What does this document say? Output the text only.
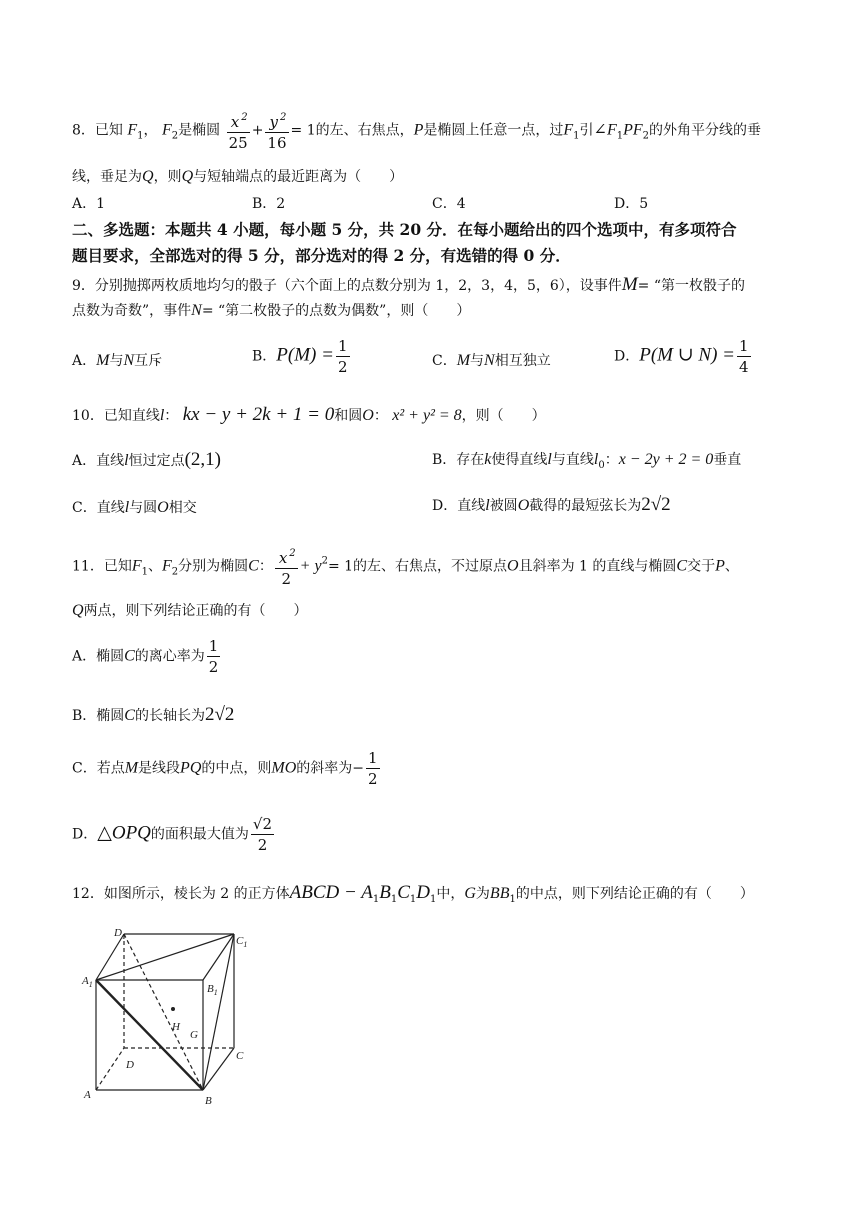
8．已知 $F_1$， $F_2$是椭圆 $\frac{x ^2}{25} + \frac{y ^2}{16} = 1$的左、右焦点，P是椭圆上任意一点，过$F_1$引$\angle F_1PF_2$的外角平分线的垂
线，垂足为Q，则Q与短轴端点的最近距离为（　　）
A．1	B．2	C．4	D．5
二、多选题：本题共 4 小题，每小题 5 分，共 20 分．在每小题给出的四个选项中，有多项符合
题目要求，全部选对的得 5 分，部分选对的得 2 分，有选错的得 0 分．
9．分别抛掷两枚质地均匀的骰子（六个面上的点数分别为 1，2，3，4，5，6），设事件M= “第一枚骰子的
点数为奇数”，事件N= “第二枚骰子的点数为偶数”，则（　　）
A．M与N互斥	B．$P(M) = \frac{1}{2}$	C．M与N相互独立	D．P(M ∪ $N) = \frac{1}{4}$
10．已知直线l： kx − y + 2k + 1 = 0和圆O： x² + y² = 8，则（　　）
A．直线l恒过定点(2,1)	B．存在k使得直线l与直线$l_0$：x − 2y + 2 = 0垂直
C．直线l与圆O相交	D．直线l被圆O截得的最短弦长为2√2
11．已知$F_1$、$F_2$分别为椭圆C： $\frac{x ^2}{2} + y^2= 1$的左、右焦点，不过原点O且斜率为 1 的直线与椭圆C交于P、
Q两点，则下列结论正确的有（　　）
A．椭圆C的离心率为 $\frac{1}{2}$
B．椭圆C的长轴长为2√2
C．若点M是线段PQ的中点，则MO的斜率为− $\frac{1}{2}$
D．△OPQ的面积最大值为 $\frac{√2}{2}$
12．如图所示，棱长为 2 的正方体ABCD − $A_1B_1C_1D_1$中，G为$BB_1$的中点，则下列结论正确的有（　　）
$D_1$	$C_1$
$A_1$	$B_1$
H
G
D
C
A	B
